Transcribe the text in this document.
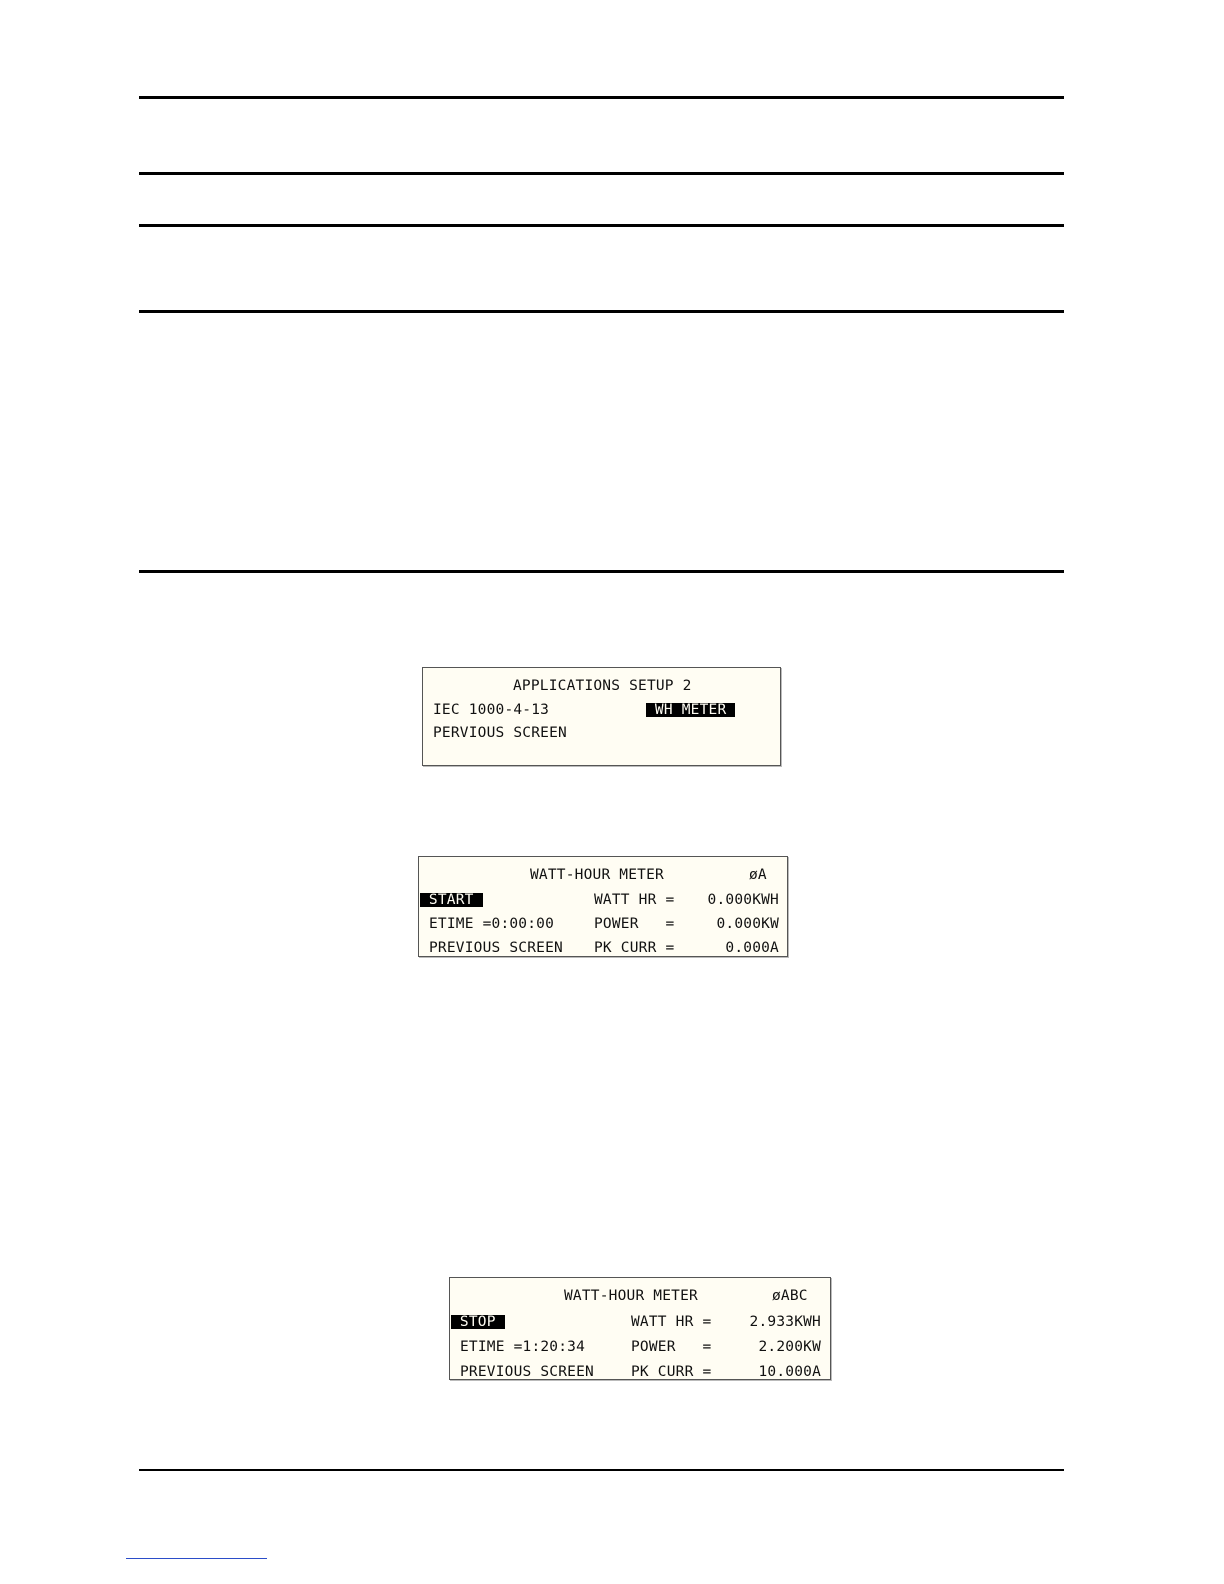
APPLICATIONS SETUP 2
IEC 1000-4-13	WH METER
PERVIOUS SCREEN
WATT-HOUR METER	øA
START	WATT HR = 0.000KWH
ETIME =0:00:00	POWER   =	0.000KW
PREVIOUS SCREEN PK CURR =	0.000A
WATT-HOUR METER	øABC
STOP	WATT HR =	2.933KWH
ETIME =1:20:34	POWER   =	2.200KW
PREVIOUS SCREEN	PK CURR =	10.000A
